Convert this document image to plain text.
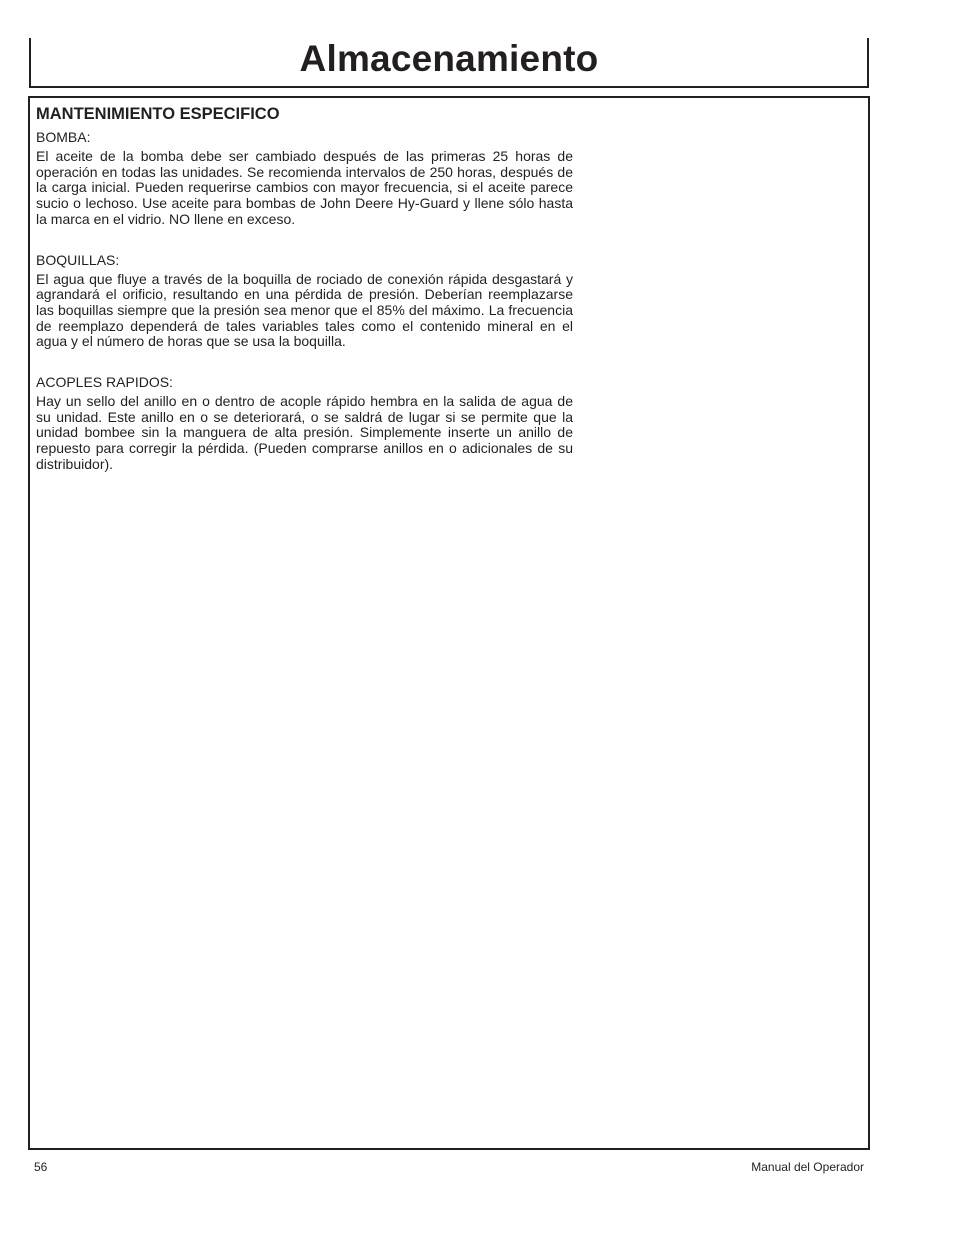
Almacenamiento
MANTENIMIENTO ESPECIFICO
BOMBA:

El aceite de la bomba debe ser cambiado después de las primeras 25 horas de operación en todas las unidades. Se recomienda intervalos de 250 horas, después de la carga inicial. Pueden requerirse cambios con mayor frecuencia, si el aceite parece sucio o lechoso. Use aceite para bombas de John Deere Hy-Guard y llene sólo hasta la marca en el vidrio. NO llene en exceso.

BOQUILLAS:

El agua que fluye a través de la boquilla de rociado de conexión rápida desgastará y agrandará el orificio, resultando en una pérdida de presión. Deberían reemplazarse las boquillas siempre que la presión sea menor que el 85% del máximo. La frecuencia de reemplazo dependerá de tales variables tales como el contenido mineral en el agua y el número de horas que se usa la boquilla.

ACOPLES RAPIDOS:

Hay un sello del anillo en o dentro de acople rápido hembra en la salida de agua de su unidad. Este anillo en o se deteriorará, o se saldrá de lugar si se permite que la unidad bombee sin la manguera de alta presión. Simplemente inserte un anillo de repuesto para corregir la pérdida. (Pueden comprarse anillos en o adicionales de su distribuidor).

56	Manual del Operador
